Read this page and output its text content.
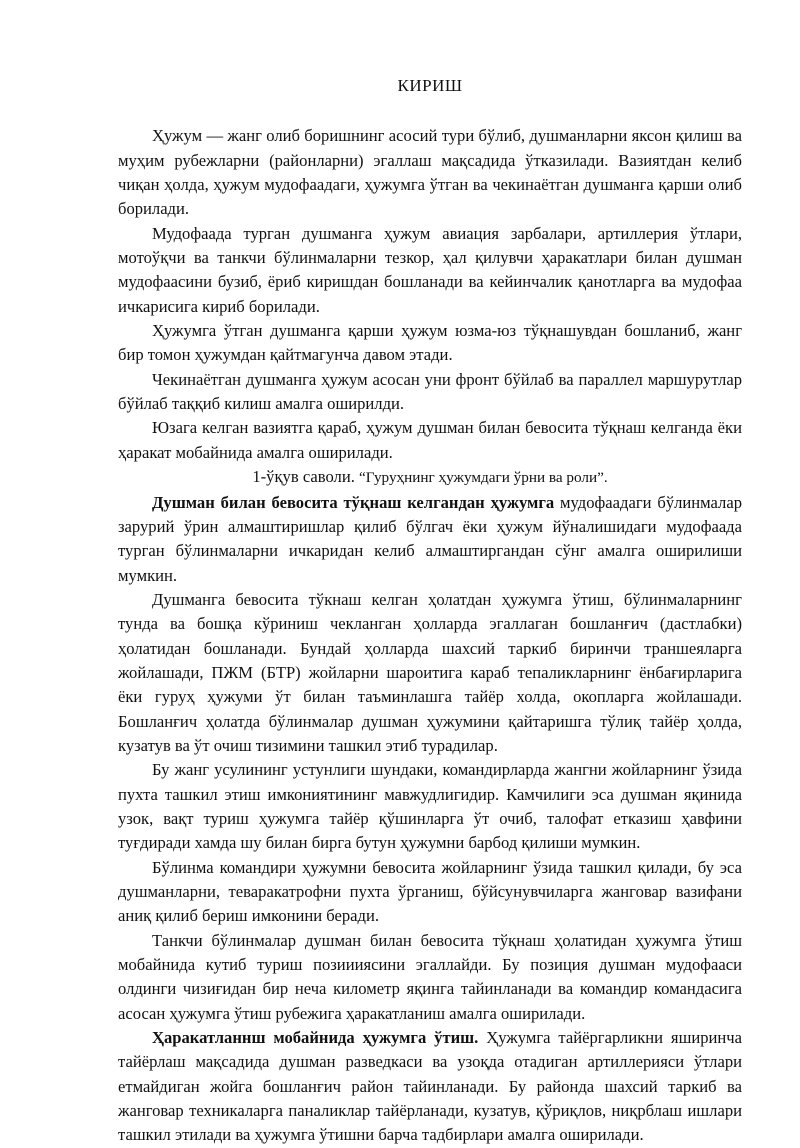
КИРИШ

Ҳужум — жанг олиб боришнинг асосий тури бўлиб, душманларни яксон қилиш ва муҳим рубежларни (районларни) эгаллаш мақсадида ўтказилади. Вазиятдан келиб чиқан ҳолда, ҳужум мудофаадаги, ҳужумга ўтган ва чекинаётган душманга қарши олиб борилади.

Мудофаада турган душманга ҳужум авиация зарбалари, артиллерия ўтлари, мотоўқчи ва танкчи бўлинмаларни тезкор, ҳал қилувчи ҳаракатлари билан душман мудофаасини бузиб, ёриб киришдан бошланади ва кейинчалик қанотларга ва мудофаа ичкарисига кириб борилади.

Ҳужумга ўтган душманга қарши ҳужум юзма-юз тўқнашувдан бошланиб, жанг бир томон ҳужумдан қайтмагунча давом этади.

Чекинаётган душманга ҳужум асосан уни фронт бўйлаб ва параллел маршурутлар бўйлаб таққиб килиш амалга оширилди.

Юзага келган вазиятга қараб, ҳужум душман билан бевосита тўқнаш келганда ёки ҳаракат мобайнида амалга оширилади.

1-ўқув саволи. “Гуруҳнинг ҳужумдаги ўрни ва роли”.

Душман билан бевосита тўқнаш келгандан ҳужумга мудофаадаги бўлинмалар зарурий ўрин алмаштиришлар қилиб бўлгач ёки ҳужум йўналишидаги мудофаада турган бўлинмаларни ичкаридан келиб алмаштиргандан сўнг амалга оширилиши мумкин.

Душманга бевосита тўкнаш келган ҳолатдан ҳужумга ўтиш, бўлинмаларнинг тунда ва бошқа кўриниш чекланган ҳолларда эгаллаган бошланғич (дастлабки) ҳолатидан бошланади. Бундай ҳолларда шахсий таркиб биринчи траншеяларга жойлашади, ПЖМ (БТР) жойларни шароитига караб тепаликларнинг ёнбағирларига ёки гуруҳ ҳужуми ўт билан таъминлашга тайёр холда, окопларга жойлашади. Бошланғич ҳолатда бўлинмалар душман ҳужумини қайтаришга тўлиқ тайёр ҳолда, кузатув ва ўт очиш тизимини ташкил этиб турадилар.

Бу жанг усулининг устунлиги шундаки, командирларда жангни жойларнинг ўзида пухта ташкил этиш имкониятининг мавжудлигидир. Камчилиги эса душман яқинида узок, вақт туриш ҳужумга тайёр қўшинларга ўт очиб, талофат етказиш ҳавфини туғдиради хамда шу билан бирга бутун ҳужумни барбод қилиши мумкин.

Бўлинма командири ҳужумни бевосита жойларнинг ўзида ташкил қилади, бу эса душманларни, теваракатрофни пухта ўрганиш, бўйсунувчиларга жанговар вазифани аниқ қилиб бериш имконини беради.

Танкчи бўлинмалар душман билан бевосита тўқнаш ҳолатидан ҳужумга ўтиш мобайнида кутиб туриш позииияcини эгаллайди. Бу позиция душман мудофааси олдинги чизиғидан бир неча километр яқинга тайинланади ва командир командасига асосан ҳужумга ўтиш рубежига ҳаракатланиш амалга оширилади.

Ҳаракатланнш мобайнида ҳужумга ўтиш. Ҳужумга тайёргарликни яширинча тайёрлаш мақсадида душман разведкаси ва узоқда отадиган артиллерияси ўтлари етмайдиган жойга бошланғич район тайинланади. Бу районда шахсий таркиб ва жанговар техникаларга паналиклар тайёрланади, кузатув, қўриқлов, ниқрблаш ишлари ташкил этилади ва ҳужумга ўтишни барча тадбирлари амалга оширилади.
